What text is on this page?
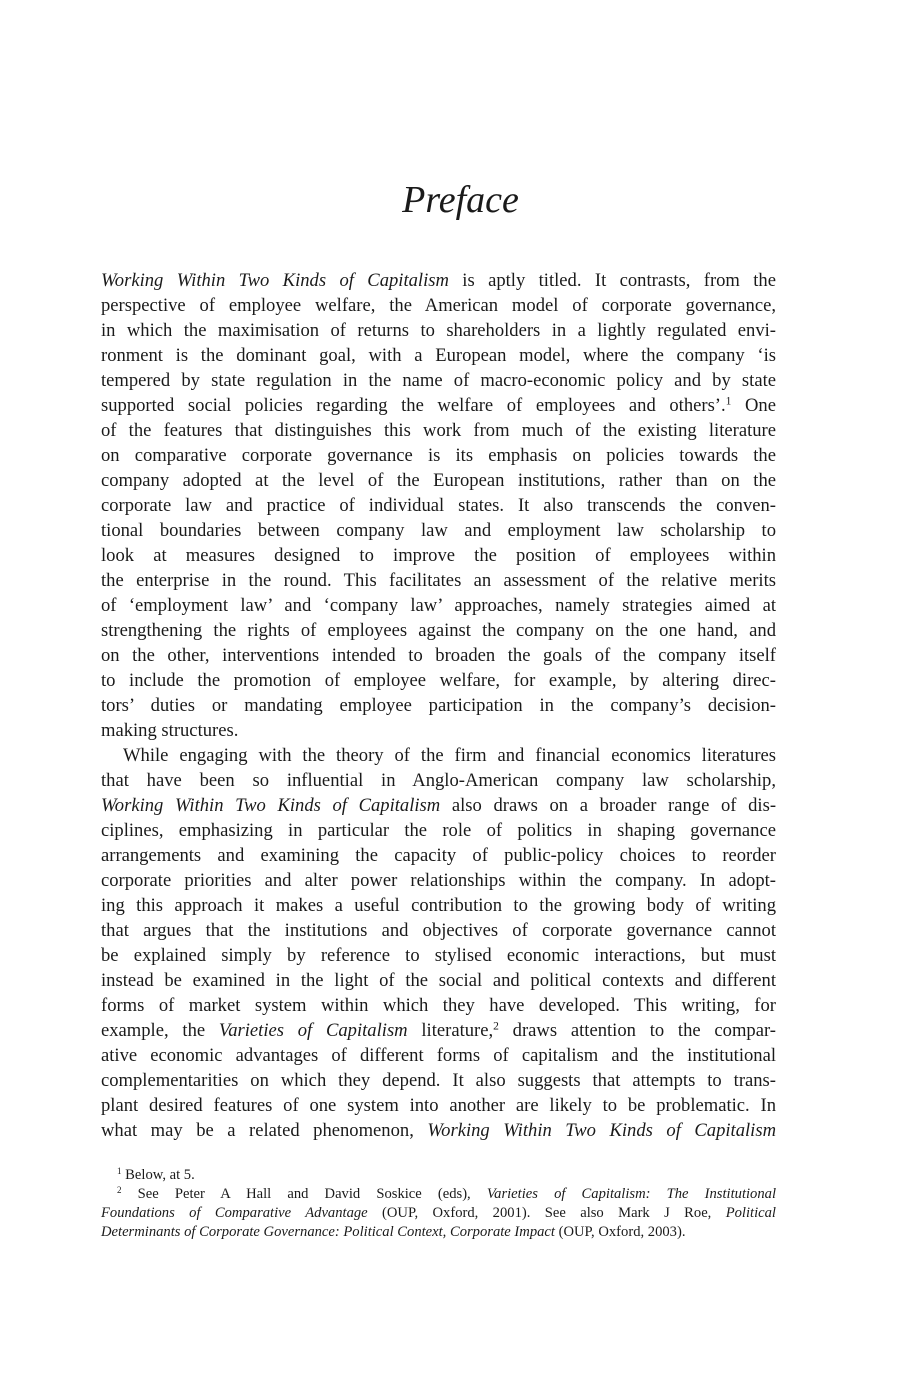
Preface
Working Within Two Kinds of Capitalism is aptly titled. It contrasts, from the
perspective of employee welfare, the American model of corporate governance,
in which the maximisation of returns to shareholders in a lightly regulated envi-
ronment is the dominant goal, with a European model, where the company ‘is
tempered by state regulation in the name of macro-economic policy and by state
supported social policies regarding the welfare of employees and others’.$^1$ One
of the features that distinguishes this work from much of the existing literature
on comparative corporate governance is its emphasis on policies towards the
company adopted at the level of the European institutions, rather than on the
corporate law and practice of individual states. It also transcends the conven-
tional boundaries between company law and employment law scholarship to
look at measures designed to improve the position of employees within
the enterprise in the round. This facilitates an assessment of the relative merits
of ‘employment law’ and ‘company law’ approaches, namely strategies aimed at
strengthening the rights of employees against the company on the one hand, and
on the other, interventions intended to broaden the goals of the company itself
to include the promotion of employee welfare, for example, by altering direc-
tors’ duties or mandating employee participation in the company’s decision-
making structures.
While engaging with the theory of the firm and financial economics literatures
that have been so influential in Anglo-American company law scholarship,
Working Within Two Kinds of Capitalism also draws on a broader range of dis-
ciplines, emphasizing in particular the role of politics in shaping governance
arrangements and examining the capacity of public-policy choices to reorder
corporate priorities and alter power relationships within the company. In adopt-
ing this approach it makes a useful contribution to the growing body of writing
that argues that the institutions and objectives of corporate governance cannot
be explained simply by reference to stylised economic interactions, but must
instead be examined in the light of the social and political contexts and different
forms of market system within which they have developed. This writing, for
example, the Varieties of Capitalism literature,$^2$ draws attention to the compar-
ative economic advantages of different forms of capitalism and the institutional
complementarities on which they depend. It also suggests that attempts to trans-
plant desired features of one system into another are likely to be problematic. In
what may be a related phenomenon, Working Within Two Kinds of Capitalism
$^1$ Below, at 5.
$^2$ See Peter A Hall and David Soskice (eds), Varieties of Capitalism: The Institutional
Foundations of Comparative Advantage (OUP, Oxford, 2001). See also Mark J Roe, Political
Determinants of Corporate Governance: Political Context, Corporate Impact (OUP, Oxford, 2003).
